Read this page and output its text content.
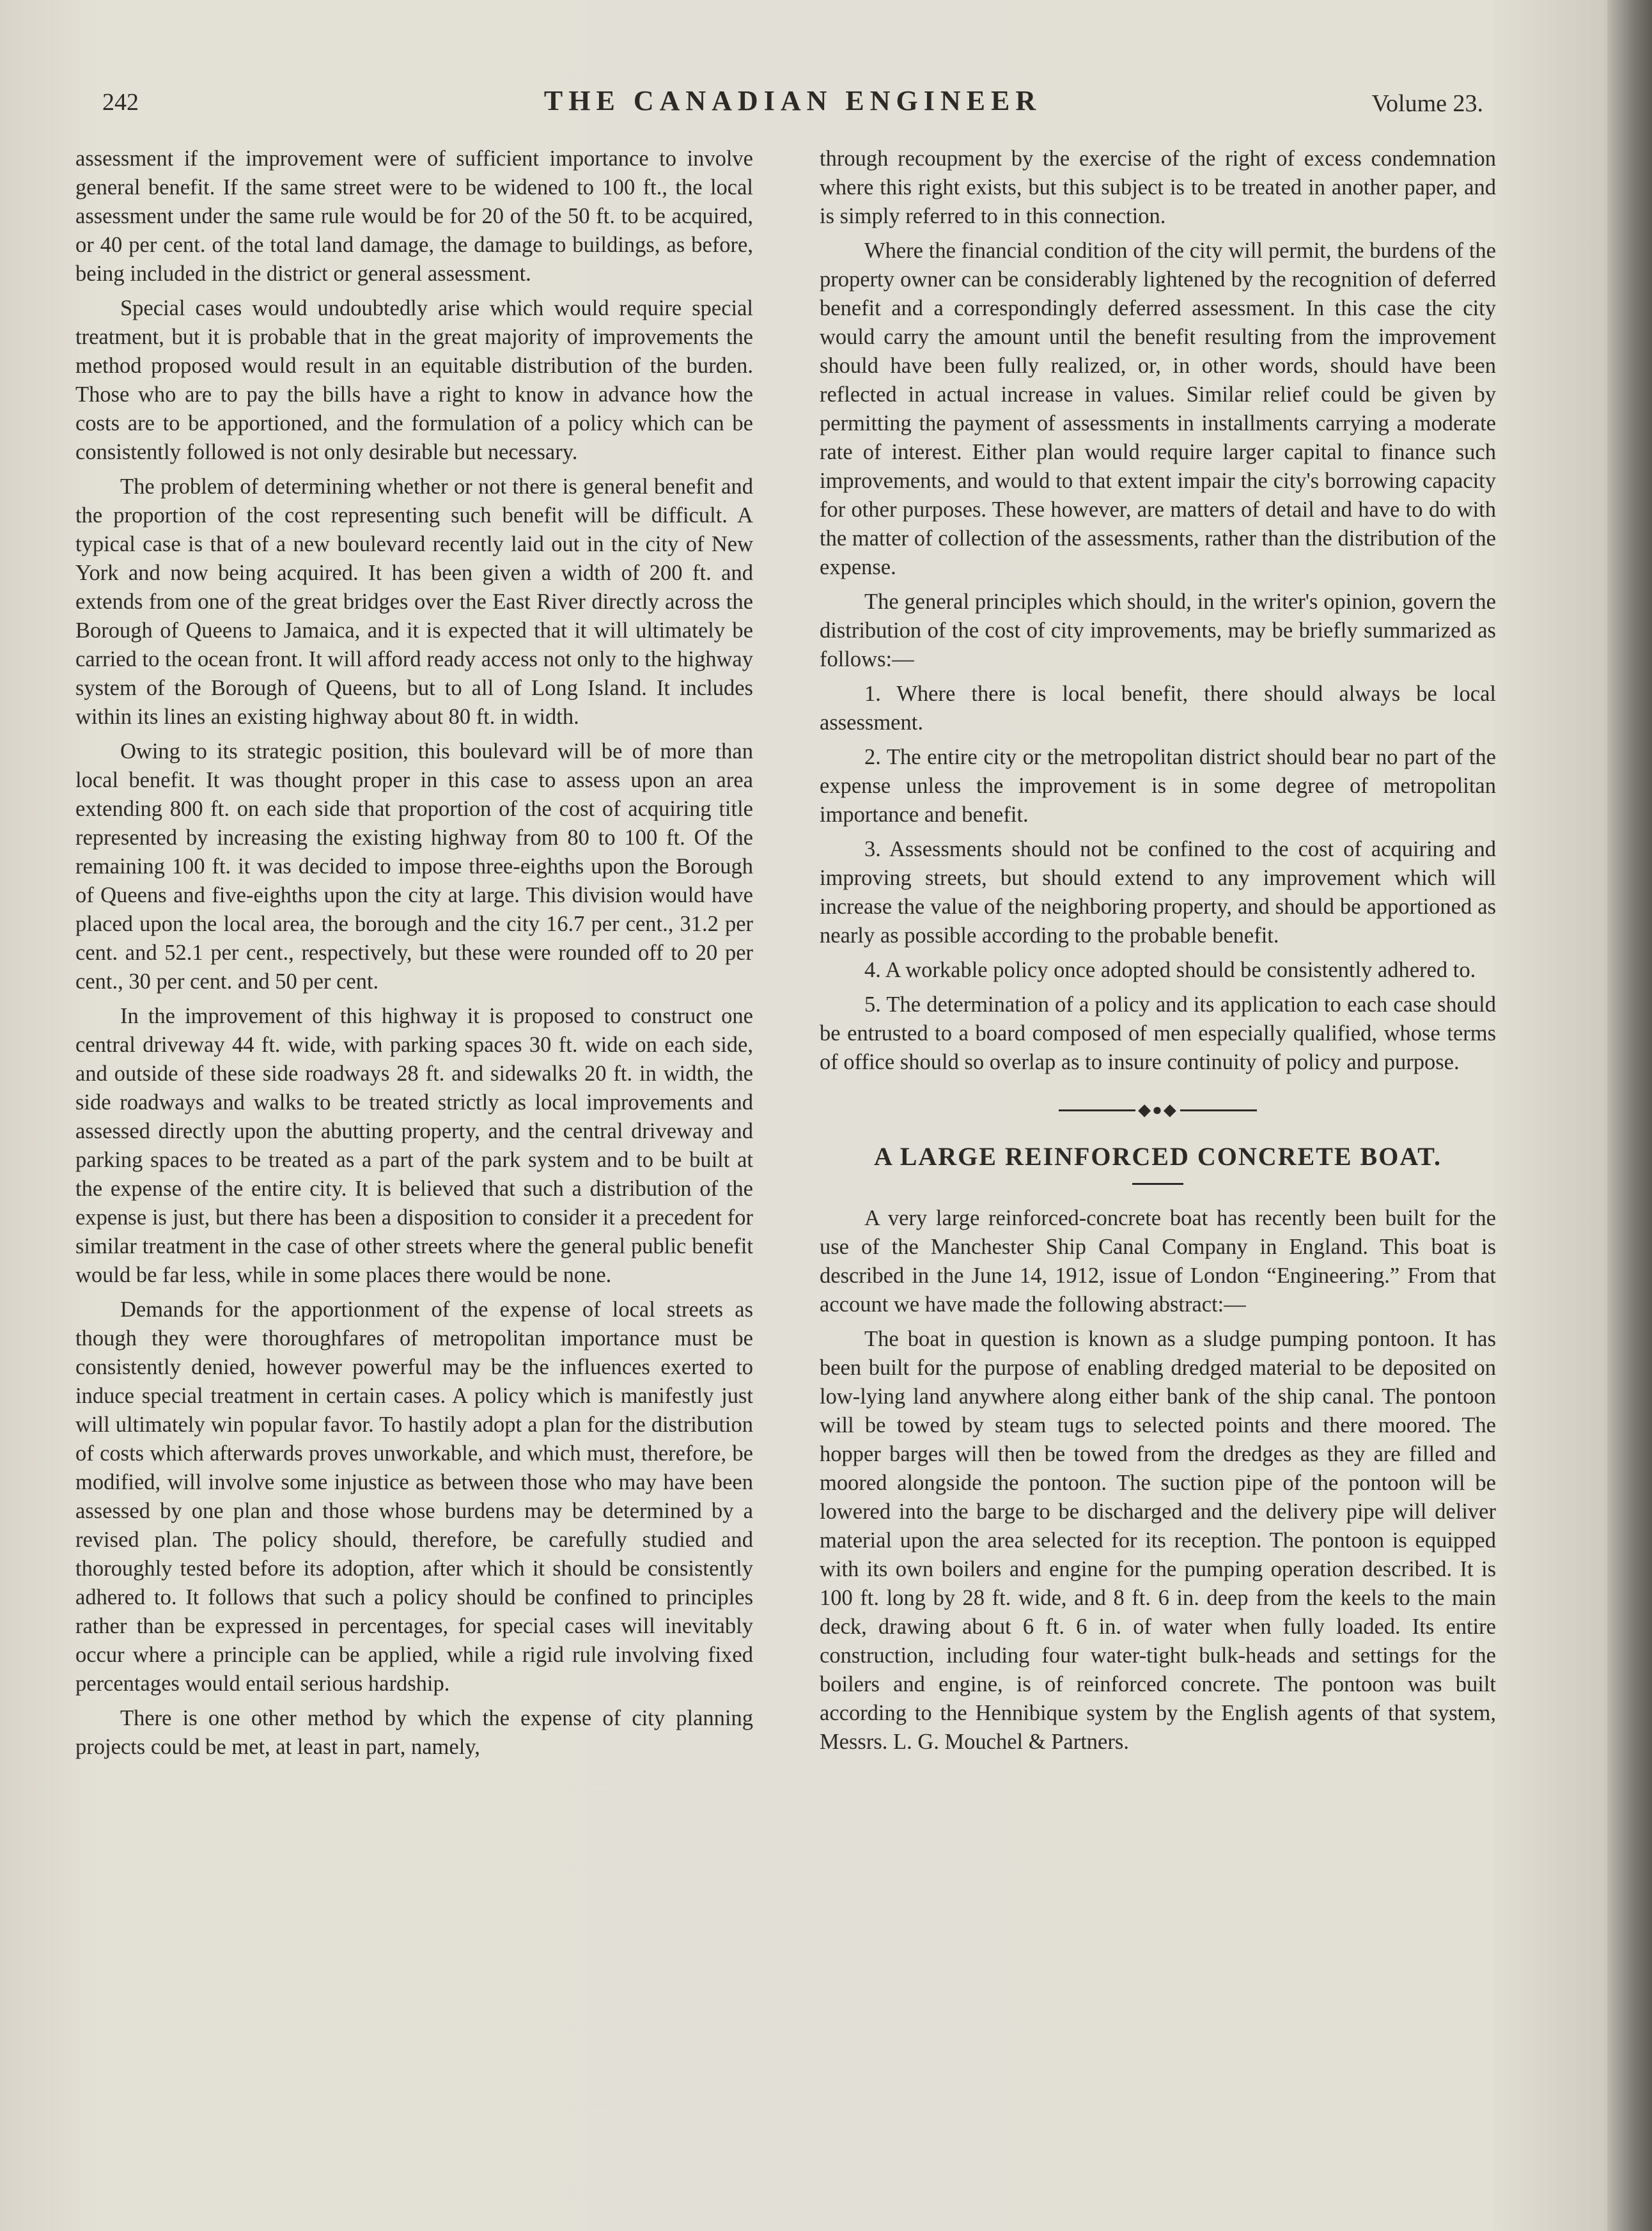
242	THE CANADIAN ENGINEER	Volume 23.

assessment if the improvement were of sufficient importance to involve general benefit. If the same street were to be widened to 100 ft., the local assessment under the same rule would be for 20 of the 50 ft. to be acquired, or 40 per cent. of the total land damage, the damage to buildings, as before, being included in the district or general assessment.

Special cases would undoubtedly arise which would require special treatment, but it is probable that in the great majority of improvements the method proposed would result in an equitable distribution of the burden. Those who are to pay the bills have a right to know in advance how the costs are to be apportioned, and the formulation of a policy which can be consistently followed is not only desirable but necessary.

The problem of determining whether or not there is general benefit and the proportion of the cost representing such benefit will be difficult. A typical case is that of a new boulevard recently laid out in the city of New York and now being acquired. It has been given a width of 200 ft. and extends from one of the great bridges over the East River directly across the Borough of Queens to Jamaica, and it is expected that it will ultimately be carried to the ocean front. It will afford ready access not only to the highway system of the Borough of Queens, but to all of Long Island. It includes within its lines an existing highway about 80 ft. in width.

Owing to its strategic position, this boulevard will be of more than local benefit. It was thought proper in this case to assess upon an area extending 800 ft. on each side that proportion of the cost of acquiring title represented by increasing the existing highway from 80 to 100 ft. Of the remaining 100 ft. it was decided to impose three-eighths upon the Borough of Queens and five-eighths upon the city at large. This division would have placed upon the local area, the borough and the city 16.7 per cent., 31.2 per cent. and 52.1 per cent., respectively, but these were rounded off to 20 per cent., 30 per cent. and 50 per cent.

In the improvement of this highway it is proposed to construct one central driveway 44 ft. wide, with parking spaces 30 ft. wide on each side, and outside of these side roadways 28 ft. and sidewalks 20 ft. in width, the side roadways and walks to be treated strictly as local improvements and assessed directly upon the abutting property, and the central driveway and parking spaces to be treated as a part of the park system and to be built at the expense of the entire city. It is believed that such a distribution of the expense is just, but there has been a disposition to consider it a precedent for similar treatment in the case of other streets where the general public benefit would be far less, while in some places there would be none.

Demands for the apportionment of the expense of local streets as though they were thoroughfares of metropolitan importance must be consistently denied, however powerful may be the influences exerted to induce special treatment in certain cases. A policy which is manifestly just will ultimately win popular favor. To hastily adopt a plan for the distribution of costs which afterwards proves unworkable, and which must, therefore, be modified, will involve some injustice as between those who may have been assessed by one plan and those whose burdens may be determined by a revised plan. The policy should, therefore, be carefully studied and thoroughly tested before its adoption, after which it should be consistently adhered to. It follows that such a policy should be confined to principles rather than be expressed in percentages, for special cases will inevitably occur where a principle can be applied, while a rigid rule involving fixed percentages would entail serious hardship.

There is one other method by which the expense of city planning projects could be met, at least in part, namely,

through recoupment by the exercise of the right of excess condemnation where this right exists, but this subject is to be treated in another paper, and is simply referred to in this connection.

Where the financial condition of the city will permit, the burdens of the property owner can be considerably lightened by the recognition of deferred benefit and a correspondingly deferred assessment. In this case the city would carry the amount until the benefit resulting from the improvement should have been fully realized, or, in other words, should have been reflected in actual increase in values. Similar relief could be given by permitting the payment of assessments in installments carrying a moderate rate of interest. Either plan would require larger capital to finance such improvements, and would to that extent impair the city's borrowing capacity for other purposes. These however, are matters of detail and have to do with the matter of collection of the assessments, rather than the distribution of the expense.

The general principles which should, in the writer's opinion, govern the distribution of the cost of city improvements, may be briefly summarized as follows:—

1. Where there is local benefit, there should always be local assessment.

2. The entire city or the metropolitan district should bear no part of the expense unless the improvement is in some degree of metropolitan importance and benefit.

3. Assessments should not be confined to the cost of acquiring and improving streets, but should extend to any improvement which will increase the value of the neighboring property, and should be apportioned as nearly as possible according to the probable benefit.

4. A workable policy once adopted should be consistently adhered to.

5. The determination of a policy and its application to each case should be entrusted to a board composed of men especially qualified, whose terms of office should so overlap as to insure continuity of policy and purpose.

◆●◆
A LARGE REINFORCED CONCRETE BOAT.

A very large reinforced-concrete boat has recently been built for the use of the Manchester Ship Canal Company in England. This boat is described in the June 14, 1912, issue of London “Engineering.” From that account we have made the following abstract:—

The boat in question is known as a sludge pumping pontoon. It has been built for the purpose of enabling dredged material to be deposited on low-lying land anywhere along either bank of the ship canal. The pontoon will be towed by steam tugs to selected points and there moored. The hopper barges will then be towed from the dredges as they are filled and moored alongside the pontoon. The suction pipe of the pontoon will be lowered into the barge to be discharged and the delivery pipe will deliver material upon the area selected for its reception. The pontoon is equipped with its own boilers and engine for the pumping operation described. It is 100 ft. long by 28 ft. wide, and 8 ft. 6 in. deep from the keels to the main deck, drawing about 6 ft. 6 in. of water when fully loaded. Its entire construction, including four water-tight bulk-heads and settings for the boilers and engine, is of reinforced concrete. The pontoon was built according to the Hennibique system by the English agents of that system, Messrs. L. G. Mouchel & Partners.
